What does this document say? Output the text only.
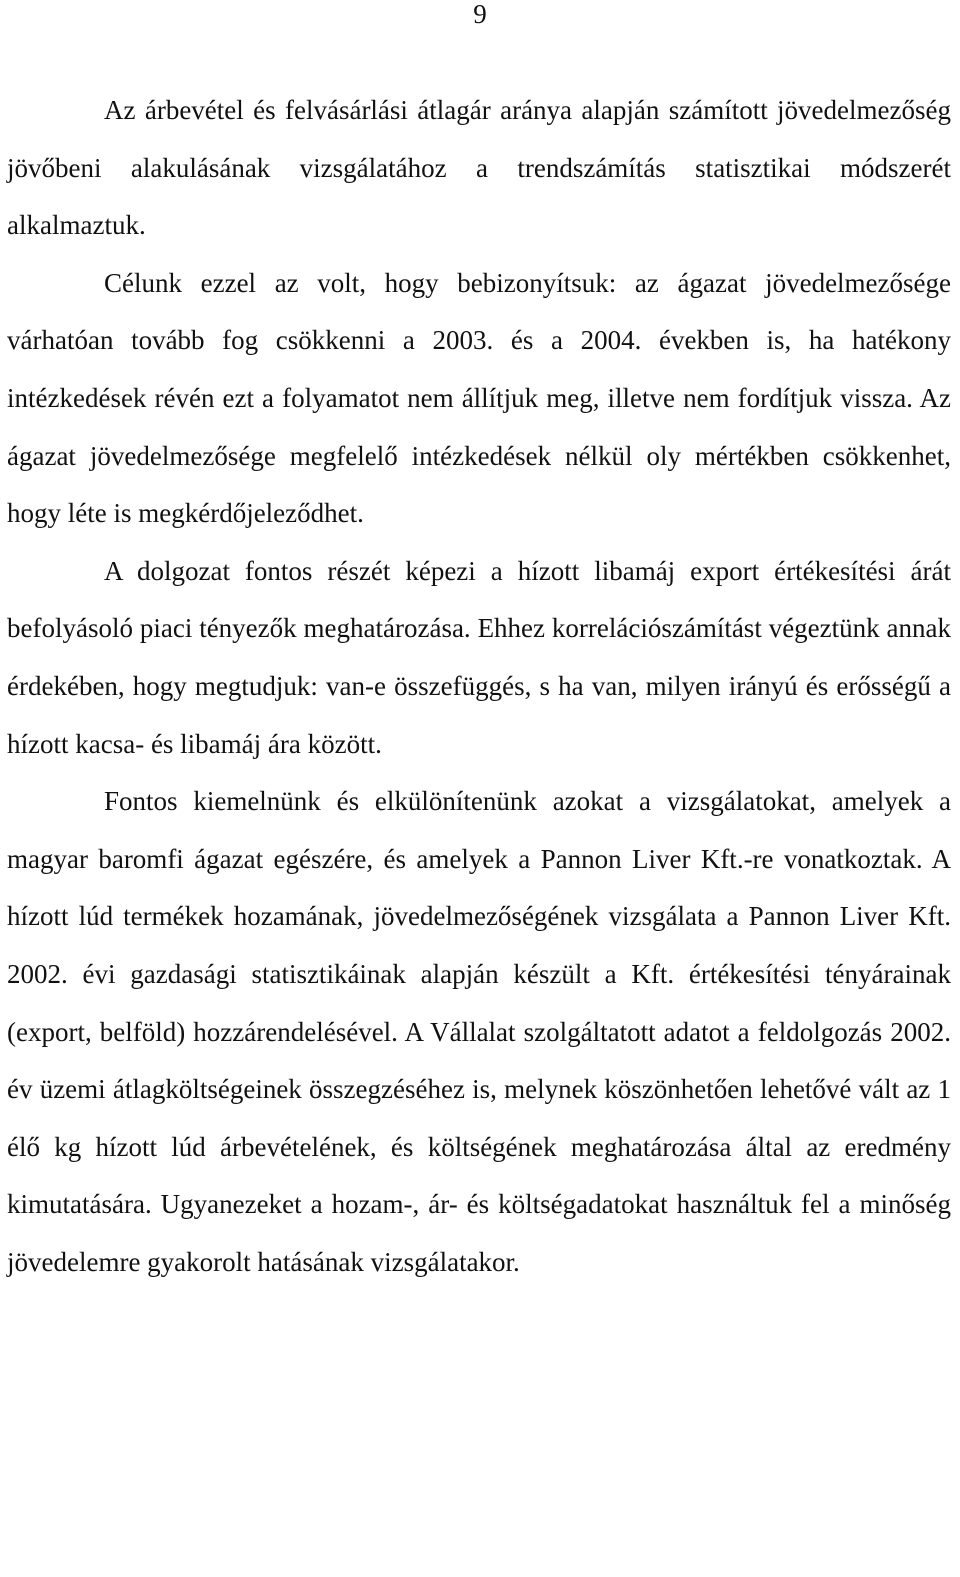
9

Az árbevétel és felvásárlási átlagár aránya alapján számított jövedelmezőség jövőbeni alakulásának vizsgálatához a trendszámítás statisztikai módszerét alkalmaztuk.

Célunk ezzel az volt, hogy bebizonyítsuk: az ágazat jövedelmezősége várhatóan tovább fog csökkenni a 2003. és a 2004. években is, ha hatékony intézkedések révén ezt a folyamatot nem állítjuk meg, illetve nem fordítjuk vissza. Az ágazat jövedelmezősége megfelelő intézkedések nélkül oly mértékben csökkenhet, hogy léte is megkérdőjeleződhet.

A dolgozat fontos részét képezi a hízott libamáj export értékesítési árát befolyásoló piaci tényezők meghatározása. Ehhez korrelációszámítást végeztünk annak érdekében, hogy megtudjuk: van-e összefüggés, s ha van, milyen irányú és erősségű a hízott kacsa- és libamáj ára között.

Fontos kiemelnünk és elkülönítenünk azokat a vizsgálatokat, amelyek a magyar baromfi ágazat egészére, és amelyek a Pannon Liver Kft.-re vonatkoztak. A hízott lúd termékek hozamának, jövedelmezőségének vizsgálata a Pannon Liver Kft. 2002. évi gazdasági statisztikáinak alapján készült a Kft. értékesítési tényárainak (export, belföld) hozzárendelésével. A Vállalat szolgáltatott adatot a feldolgozás 2002. év üzemi átlagköltségeinek összegzéséhez is, melynek köszönhetően lehetővé vált az 1 élő kg hízott lúd árbevételének, és költségének meghatározása által az eredmény kimutatására. Ugyanezeket a hozam-, ár- és költségadatokat használtuk fel a minőség jövedelemre gyakorolt hatásának vizsgálatakor.
